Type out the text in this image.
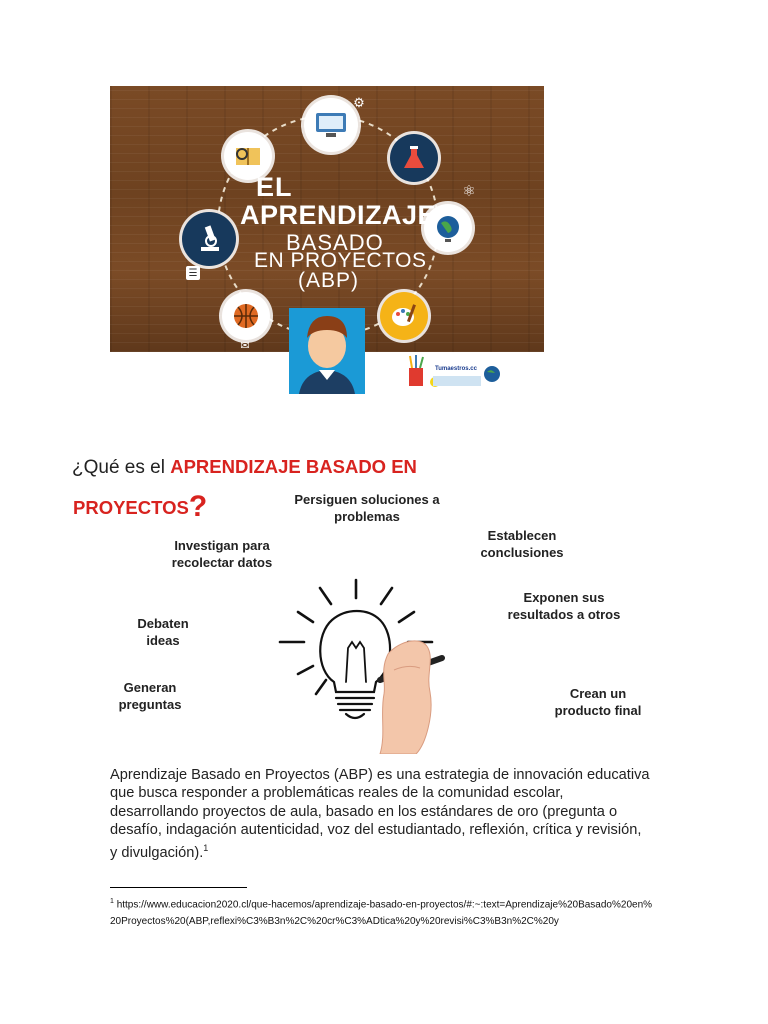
⚙
⚛
✉
☰
EL
APRENDIZAJE
BASADO
EN PROYECTOS
(ABP)
Tumaestros.cc
¿Qué es el APRENDIZAJE BASADO EN
PROYECTOS?	Persiguen soluciones a
problemas
Establecen
conclusiones
Investigan para
recolectar datos
Exponen sus
resultados a otros
Debaten
ideas
Generan
preguntas
Crean un
producto final
Aprendizaje Basado en Proyectos (ABP) es una estrategia de innovación educativa que busca responder a problemáticas reales de la comunidad escolar, desarrollando proyectos de aula, basado en los estándares de oro (pregunta o desafío, indagación autenticidad, voz del estudiantado, reflexión, crítica y revisión, y divulgación).$^1$
$^1$ https://www.educacion2020.cl/que-hacemos/aprendizaje-basado-en-proyectos/#:~:text=Aprendizaje%20Basado%20en%20Proyectos%20(ABP,reflexi%C3%B3n%2C%20cr%C3%ADtica%20y%20revisi%C3%B3n%2C%20y
